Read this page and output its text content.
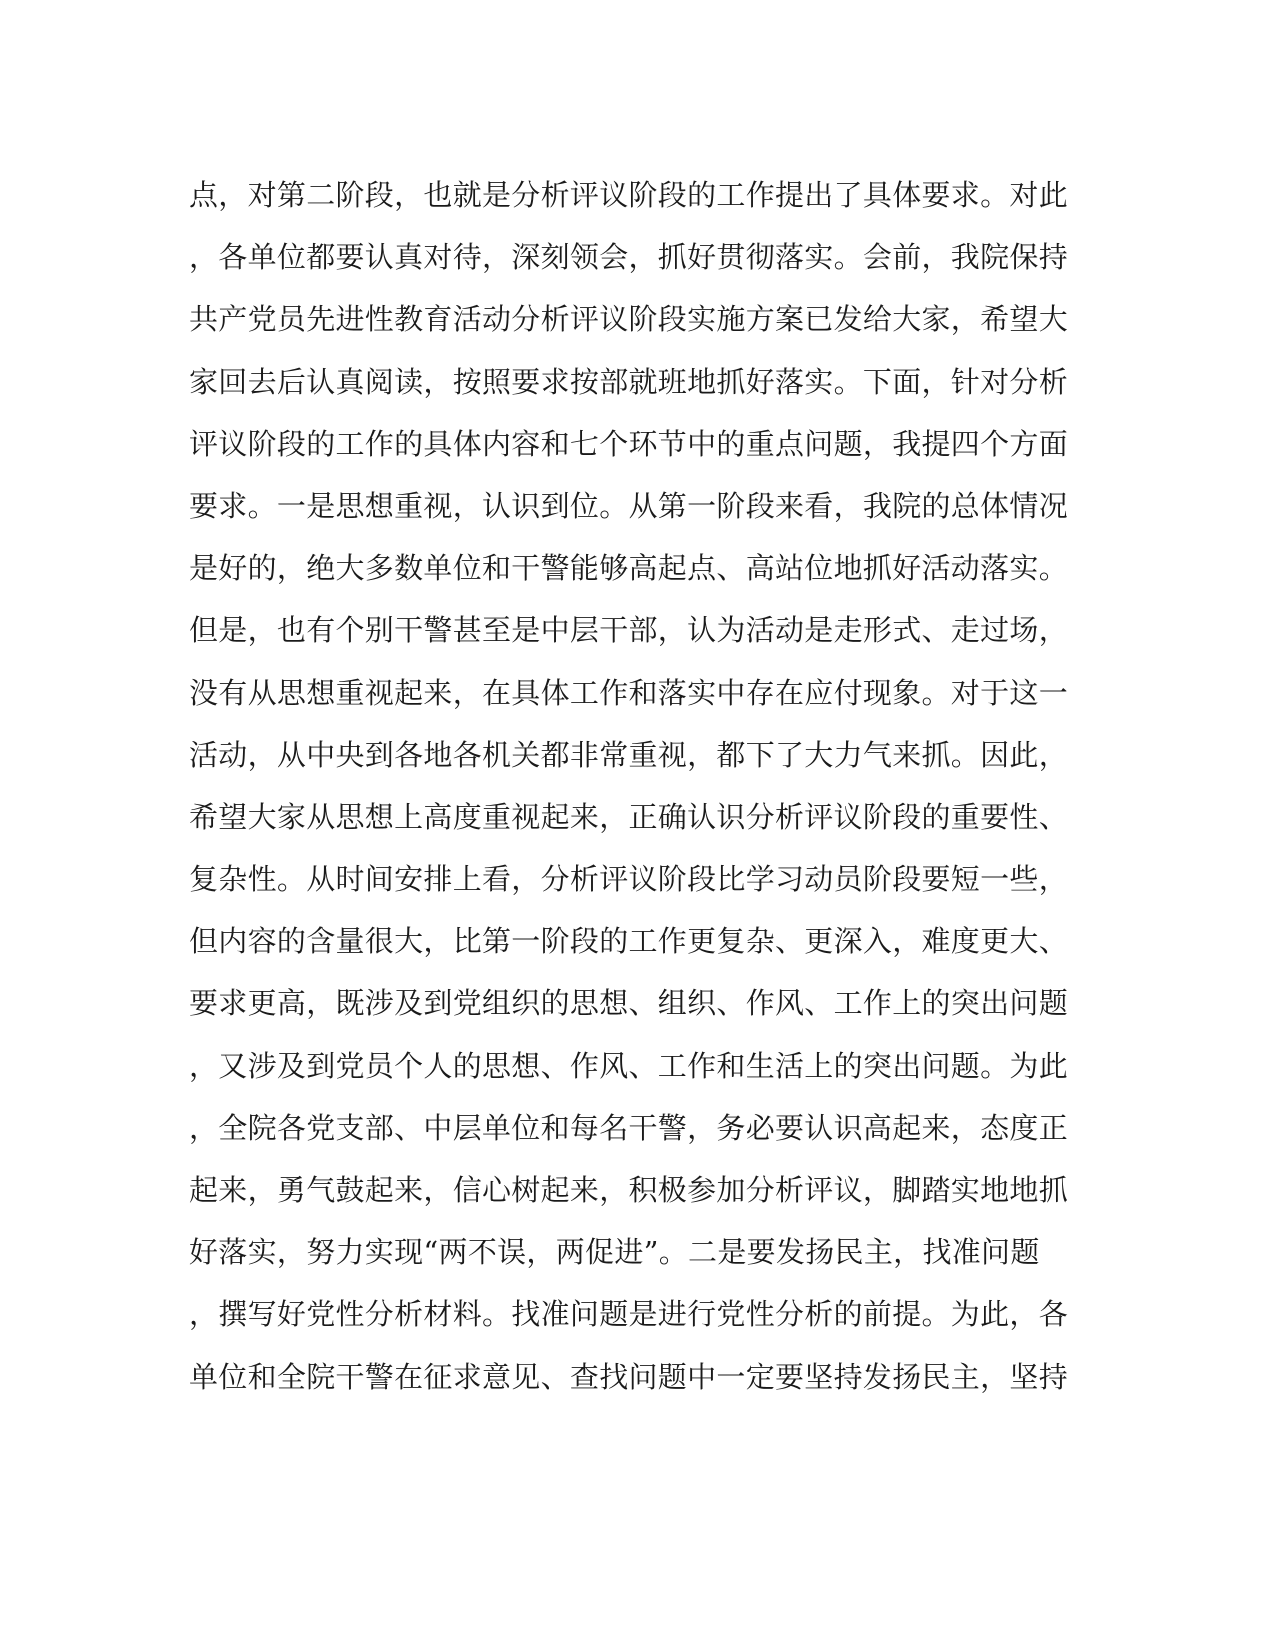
点，对第二阶段，也就是分析评议阶段的工作提出了具体要求。对此
，各单位都要认真对待，深刻领会，抓好贯彻落实。会前，我院保持
共产党员先进性教育活动分析评议阶段实施方案已发给大家，希望大
家回去后认真阅读，按照要求按部就班地抓好落实。下面，针对分析
评议阶段的工作的具体内容和七个环节中的重点问题，我提四个方面
要求。一是思想重视，认识到位。从第一阶段来看，我院的总体情况
是好的，绝大多数单位和干警能够高起点、高站位地抓好活动落实。
但是，也有个别干警甚至是中层干部，认为活动是走形式、走过场，
没有从思想重视起来，在具体工作和落实中存在应付现象。对于这一
活动，从中央到各地各机关都非常重视，都下了大力气来抓。因此，
希望大家从思想上高度重视起来，正确认识分析评议阶段的重要性、
复杂性。从时间安排上看，分析评议阶段比学习动员阶段要短一些，
但内容的含量很大，比第一阶段的工作更复杂、更深入，难度更大、
要求更高，既涉及到党组织的思想、组织、作风、工作上的突出问题
，又涉及到党员个人的思想、作风、工作和生活上的突出问题。为此
，全院各党支部、中层单位和每名干警，务必要认识高起来，态度正
起来，勇气鼓起来，信心树起来，积极参加分析评议，脚踏实地地抓
好落实，努力实现“两不误，两促进”。二是要发扬民主，找准问题
，撰写好党性分析材料。找准问题是进行党性分析的前提。为此，各
单位和全院干警在征求意见、查找问题中一定要坚持发扬民主，坚持
